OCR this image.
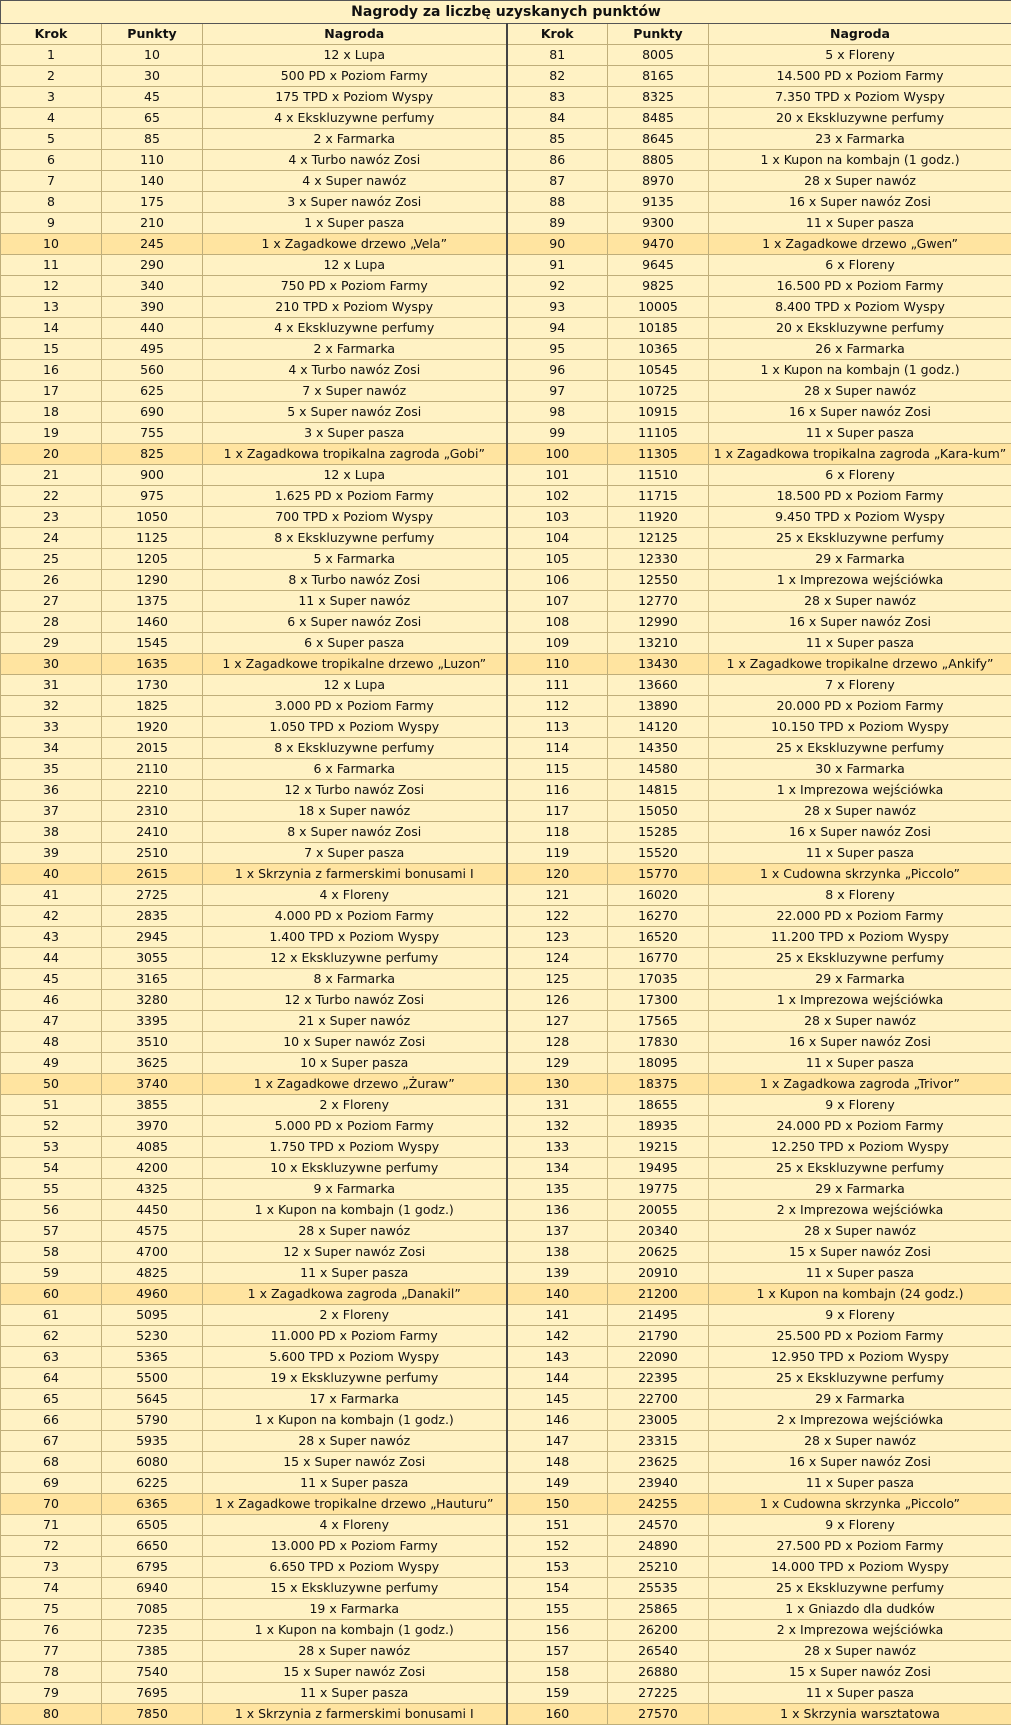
Nagrody za liczbę uzyskanych punktów					
Krok	Punkty	Nagroda	Krok	Punkty	Nagroda
1	10	12 x Lupa	81	8005	5 x Floreny
2	30	500 PD x Poziom Farmy	82	8165	14.500 PD x Poziom Farmy
3	45	175 TPD x Poziom Wyspy	83	8325	7.350 TPD x Poziom Wyspy
4	65	4 x Ekskluzywne perfumy	84	8485	20 x Ekskluzywne perfumy
5	85	2 x Farmarka	85	8645	23 x Farmarka
6	110	4 x Turbo nawóz Zosi	86	8805	1 x Kupon na kombajn (1 godz.)
7	140	4 x Super nawóz	87	8970	28 x Super nawóz
8	175	3 x Super nawóz Zosi	88	9135	16 x Super nawóz Zosi
9	210	1 x Super pasza	89	9300	11 x Super pasza
10	245	1 x Zagadkowe drzewo „Vela”	90	9470	1 x Zagadkowe drzewo „Gwen”
11	290	12 x Lupa	91	9645	6 x Floreny
12	340	750 PD x Poziom Farmy	92	9825	16.500 PD x Poziom Farmy
13	390	210 TPD x Poziom Wyspy	93	10005	8.400 TPD x Poziom Wyspy
14	440	4 x Ekskluzywne perfumy	94	10185	20 x Ekskluzywne perfumy
15	495	2 x Farmarka	95	10365	26 x Farmarka
16	560	4 x Turbo nawóz Zosi	96	10545	1 x Kupon na kombajn (1 godz.)
17	625	7 x Super nawóz	97	10725	28 x Super nawóz
18	690	5 x Super nawóz Zosi	98	10915	16 x Super nawóz Zosi
19	755	3 x Super pasza	99	11105	11 x Super pasza
20	825	1 x Zagadkowa tropikalna zagroda „Gobi”	100	11305	1 x Zagadkowa tropikalna zagroda „Kara-kum”
21	900	12 x Lupa	101	11510	6 x Floreny
22	975	1.625 PD x Poziom Farmy	102	11715	18.500 PD x Poziom Farmy
23	1050	700 TPD x Poziom Wyspy	103	11920	9.450 TPD x Poziom Wyspy
24	1125	8 x Ekskluzywne perfumy	104	12125	25 x Ekskluzywne perfumy
25	1205	5 x Farmarka	105	12330	29 x Farmarka
26	1290	8 x Turbo nawóz Zosi	106	12550	1 x Imprezowa wejściówka
27	1375	11 x Super nawóz	107	12770	28 x Super nawóz
28	1460	6 x Super nawóz Zosi	108	12990	16 x Super nawóz Zosi
29	1545	6 x Super pasza	109	13210	11 x Super pasza
30	1635	1 x Zagadkowe tropikalne drzewo „Luzon”	110	13430	1 x Zagadkowe tropikalne drzewo „Ankify”
31	1730	12 x Lupa	111	13660	7 x Floreny
32	1825	3.000 PD x Poziom Farmy	112	13890	20.000 PD x Poziom Farmy
33	1920	1.050 TPD x Poziom Wyspy	113	14120	10.150 TPD x Poziom Wyspy
34	2015	8 x Ekskluzywne perfumy	114	14350	25 x Ekskluzywne perfumy
35	2110	6 x Farmarka	115	14580	30 x Farmarka
36	2210	12 x Turbo nawóz Zosi	116	14815	1 x Imprezowa wejściówka
37	2310	18 x Super nawóz	117	15050	28 x Super nawóz
38	2410	8 x Super nawóz Zosi	118	15285	16 x Super nawóz Zosi
39	2510	7 x Super pasza	119	15520	11 x Super pasza
40	2615	1 x Skrzynia z farmerskimi bonusami I	120	15770	1 x Cudowna skrzynka „Piccolo”
41	2725	4 x Floreny	121	16020	8 x Floreny
42	2835	4.000 PD x Poziom Farmy	122	16270	22.000 PD x Poziom Farmy
43	2945	1.400 TPD x Poziom Wyspy	123	16520	11.200 TPD x Poziom Wyspy
44	3055	12 x Ekskluzywne perfumy	124	16770	25 x Ekskluzywne perfumy
45	3165	8 x Farmarka	125	17035	29 x Farmarka
46	3280	12 x Turbo nawóz Zosi	126	17300	1 x Imprezowa wejściówka
47	3395	21 x Super nawóz	127	17565	28 x Super nawóz
48	3510	10 x Super nawóz Zosi	128	17830	16 x Super nawóz Zosi
49	3625	10 x Super pasza	129	18095	11 x Super pasza
50	3740	1 x Zagadkowe drzewo „Żuraw”	130	18375	1 x Zagadkowa zagroda „Trivor”
51	3855	2 x Floreny	131	18655	9 x Floreny
52	3970	5.000 PD x Poziom Farmy	132	18935	24.000 PD x Poziom Farmy
53	4085	1.750 TPD x Poziom Wyspy	133	19215	12.250 TPD x Poziom Wyspy
54	4200	10 x Ekskluzywne perfumy	134	19495	25 x Ekskluzywne perfumy
55	4325	9 x Farmarka	135	19775	29 x Farmarka
56	4450	1 x Kupon na kombajn (1 godz.)	136	20055	2 x Imprezowa wejściówka
57	4575	28 x Super nawóz	137	20340	28 x Super nawóz
58	4700	12 x Super nawóz Zosi	138	20625	15 x Super nawóz Zosi
59	4825	11 x Super pasza	139	20910	11 x Super pasza
60	4960	1 x Zagadkowa zagroda „Danakil”	140	21200	1 x Kupon na kombajn (24 godz.)
61	5095	2 x Floreny	141	21495	9 x Floreny
62	5230	11.000 PD x Poziom Farmy	142	21790	25.500 PD x Poziom Farmy
63	5365	5.600 TPD x Poziom Wyspy	143	22090	12.950 TPD x Poziom Wyspy
64	5500	19 x Ekskluzywne perfumy	144	22395	25 x Ekskluzywne perfumy
65	5645	17 x Farmarka	145	22700	29 x Farmarka
66	5790	1 x Kupon na kombajn (1 godz.)	146	23005	2 x Imprezowa wejściówka
67	5935	28 x Super nawóz	147	23315	28 x Super nawóz
68	6080	15 x Super nawóz Zosi	148	23625	16 x Super nawóz Zosi
69	6225	11 x Super pasza	149	23940	11 x Super pasza
70	6365	1 x Zagadkowe tropikalne drzewo „Hauturu”	150	24255	1 x Cudowna skrzynka „Piccolo”
71	6505	4 x Floreny	151	24570	9 x Floreny
72	6650	13.000 PD x Poziom Farmy	152	24890	27.500 PD x Poziom Farmy
73	6795	6.650 TPD x Poziom Wyspy	153	25210	14.000 TPD x Poziom Wyspy
74	6940	15 x Ekskluzywne perfumy	154	25535	25 x Ekskluzywne perfumy
75	7085	19 x Farmarka	155	25865	1 x Gniazdo dla dudków
76	7235	1 x Kupon na kombajn (1 godz.)	156	26200	2 x Imprezowa wejściówka
77	7385	28 x Super nawóz	157	26540	28 x Super nawóz
78	7540	15 x Super nawóz Zosi	158	26880	15 x Super nawóz Zosi
79	7695	11 x Super pasza	159	27225	11 x Super pasza
80	7850	1 x Skrzynia z farmerskimi bonusami I	160	27570	1 x Skrzynia warsztatowa
